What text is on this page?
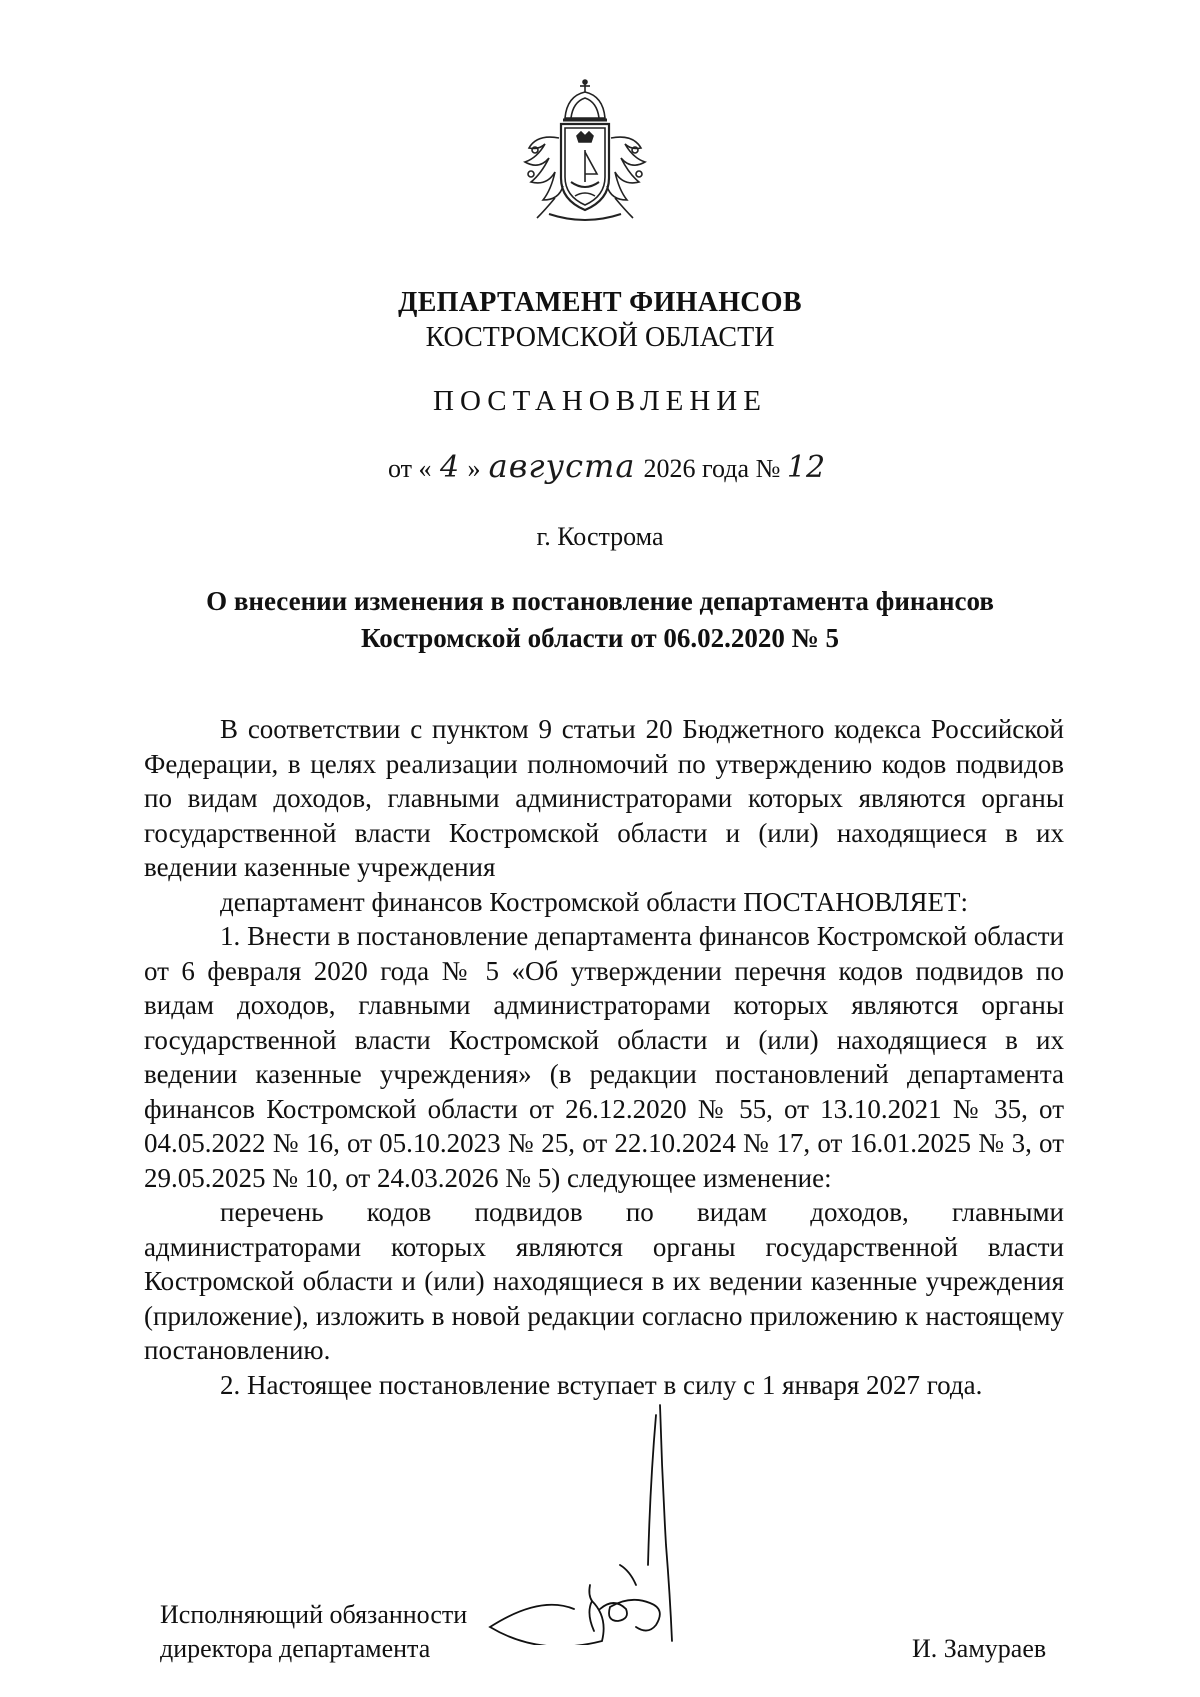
ДЕПАРТАМЕНТ ФИНАНСОВ
КОСТРОМСКОЙ ОБЛАСТИ
ПОСТАНОВЛЕНИЕ
от « 4 » августа 2026 года № 12
г. Кострома
О внесении изменения в постановление департамента финансов
Костромской области от 06.02.2020 № 5

В соответствии с пунктом 9 статьи 20 Бюджетного кодекса Российской Федерации, в целях реализации полномочий по утверждению кодов подвидов по видам доходов, главными администраторами которых являются органы государственной власти Костромской области и (или) находящиеся в их ведении казенные учреждения

департамент финансов Костромской области ПОСТАНОВЛЯЕТ:

1. Внести в постановление департамента финансов Костромской области от 6 февраля 2020 года № 5 «Об утверждении перечня кодов подвидов по видам доходов, главными администраторами которых являются органы государственной власти Костромской области и (или) находящиеся в их ведении казенные учреждения» (в редакции постановлений департамента финансов Костромской области от 26.12.2020 № 55, от 13.10.2021 № 35, от 04.05.2022 № 16, от 05.10.2023 № 25, от 22.10.2024 № 17, от 16.01.2025 № 3, от 29.05.2025 № 10, от 24.03.2026 № 5) следующее изменение:

перечень кодов подвидов по видам доходов, главными администраторами которых являются органы государственной власти Костромской области и (или) находящиеся в их ведении казенные учреждения (приложение), изложить в новой редакции согласно приложению к настоящему постановлению.

2. Настоящее постановление вступает в силу с 1 января 2027 года.

Исполняющий обязанности
директора департамента	И. Замураев
